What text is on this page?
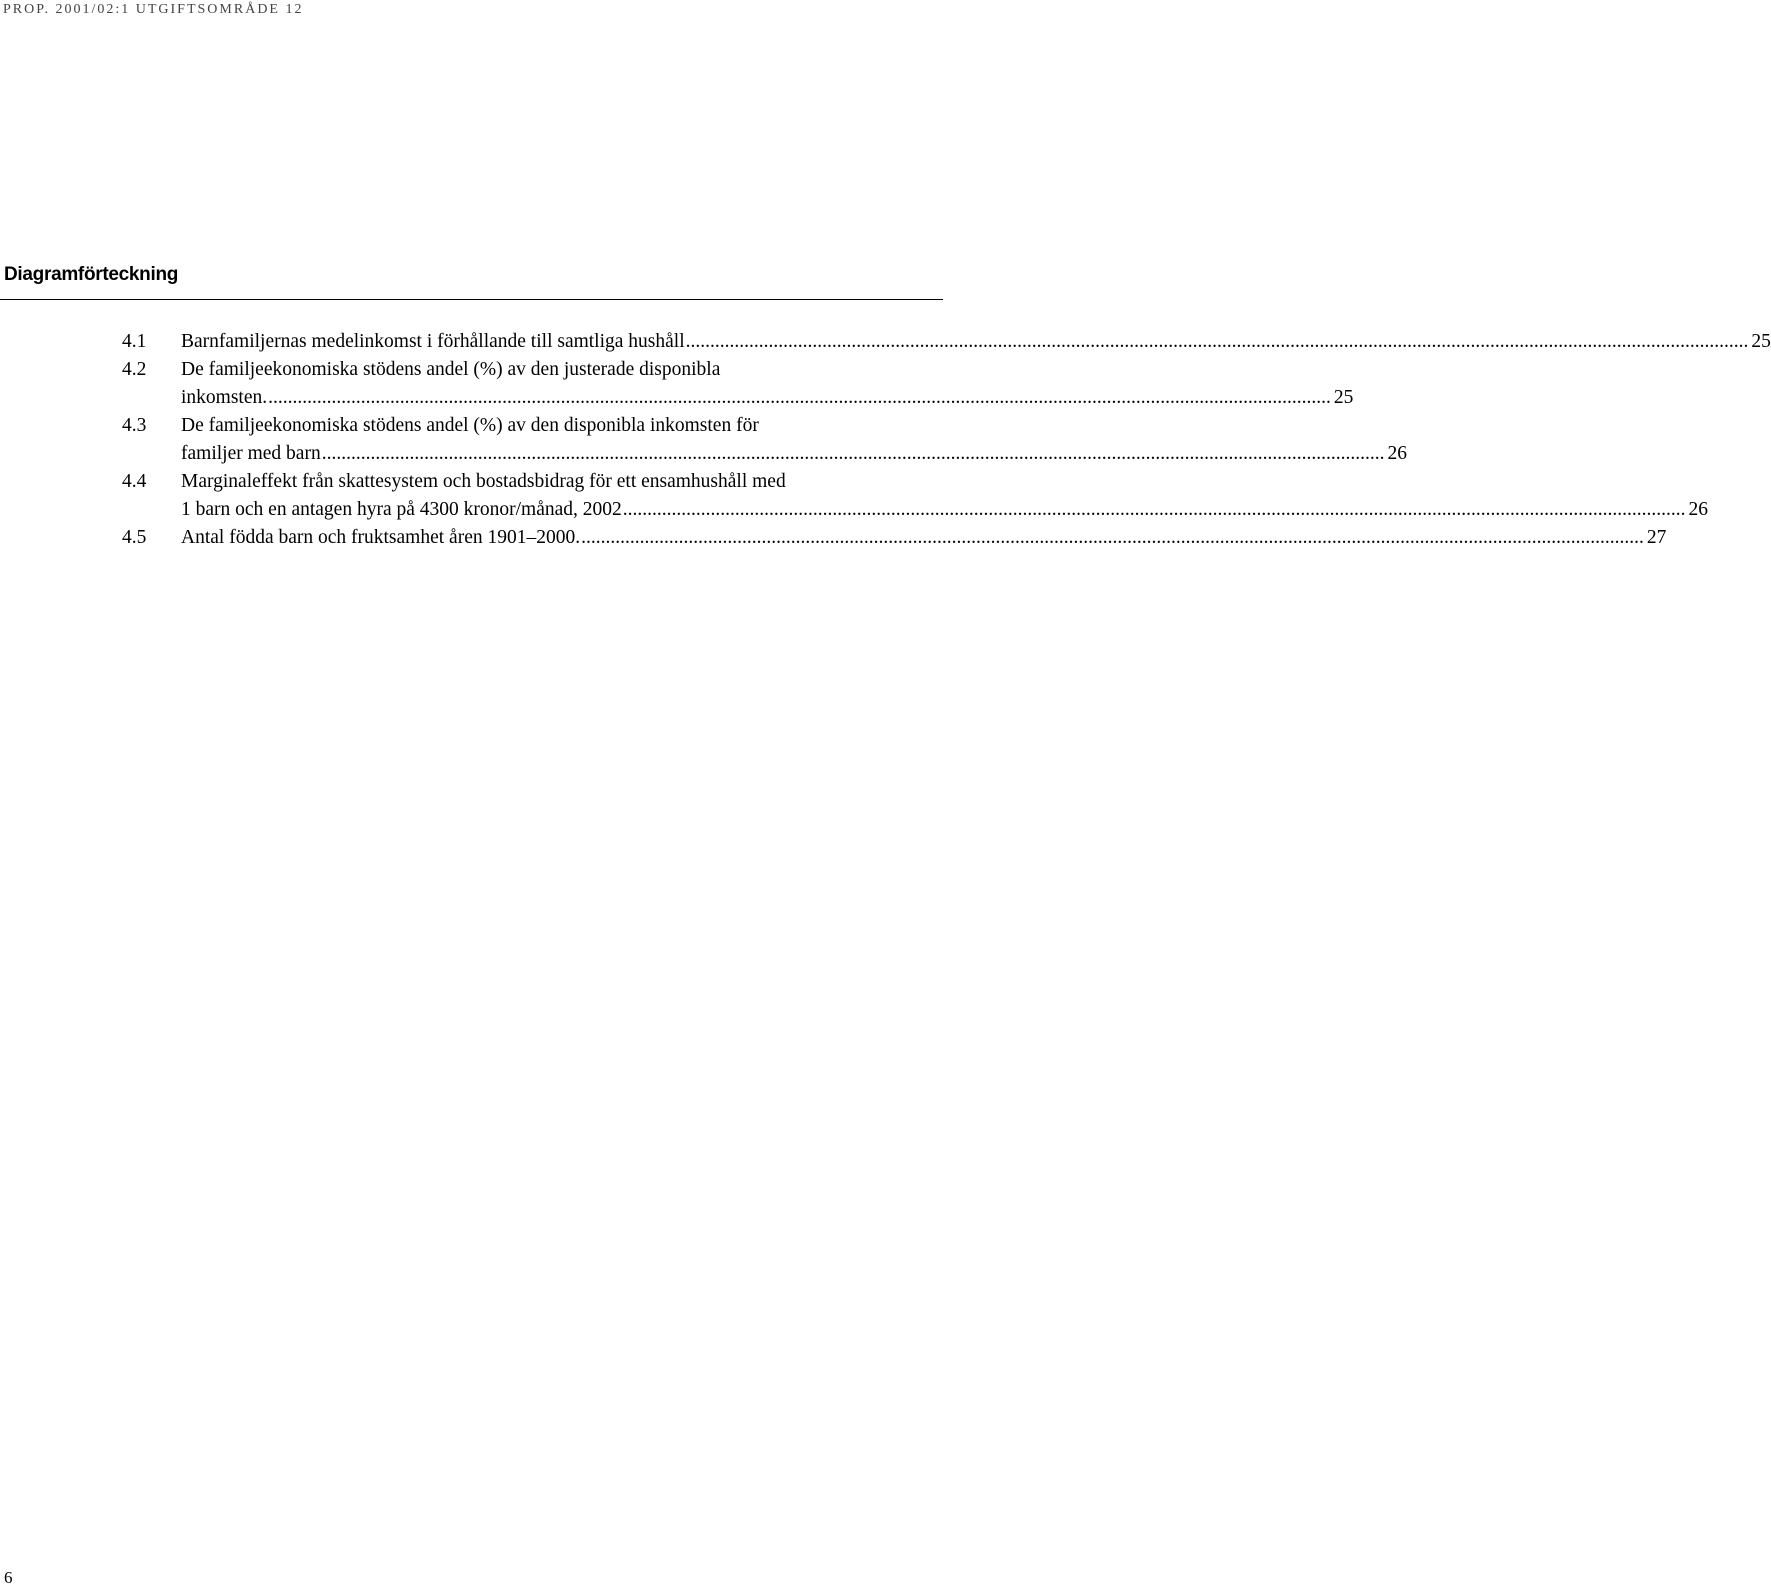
PROP. 2001/02:1 UTGIFTSOMRÅDE 12
Diagramförteckning
4.1	Barnfamiljernas medelinkomst i förhållande till samtliga hushåll .....	25
4.2	De familjeekonomiska stödens andel (%) av den justerade disponibla
inkomsten. .....	25
4.3	De familjeekonomiska stödens andel (%) av den disponibla inkomsten för
familjer med barn .....	26
4.4	Marginaleffekt från skattesystem och bostadsbidrag för ett ensamhushåll med
1 barn och en antagen hyra på 4300 kronor/månad, 2002 .....	26
4.5	Antal födda barn och fruktsamhet åren 1901–2000. .....	27
6
